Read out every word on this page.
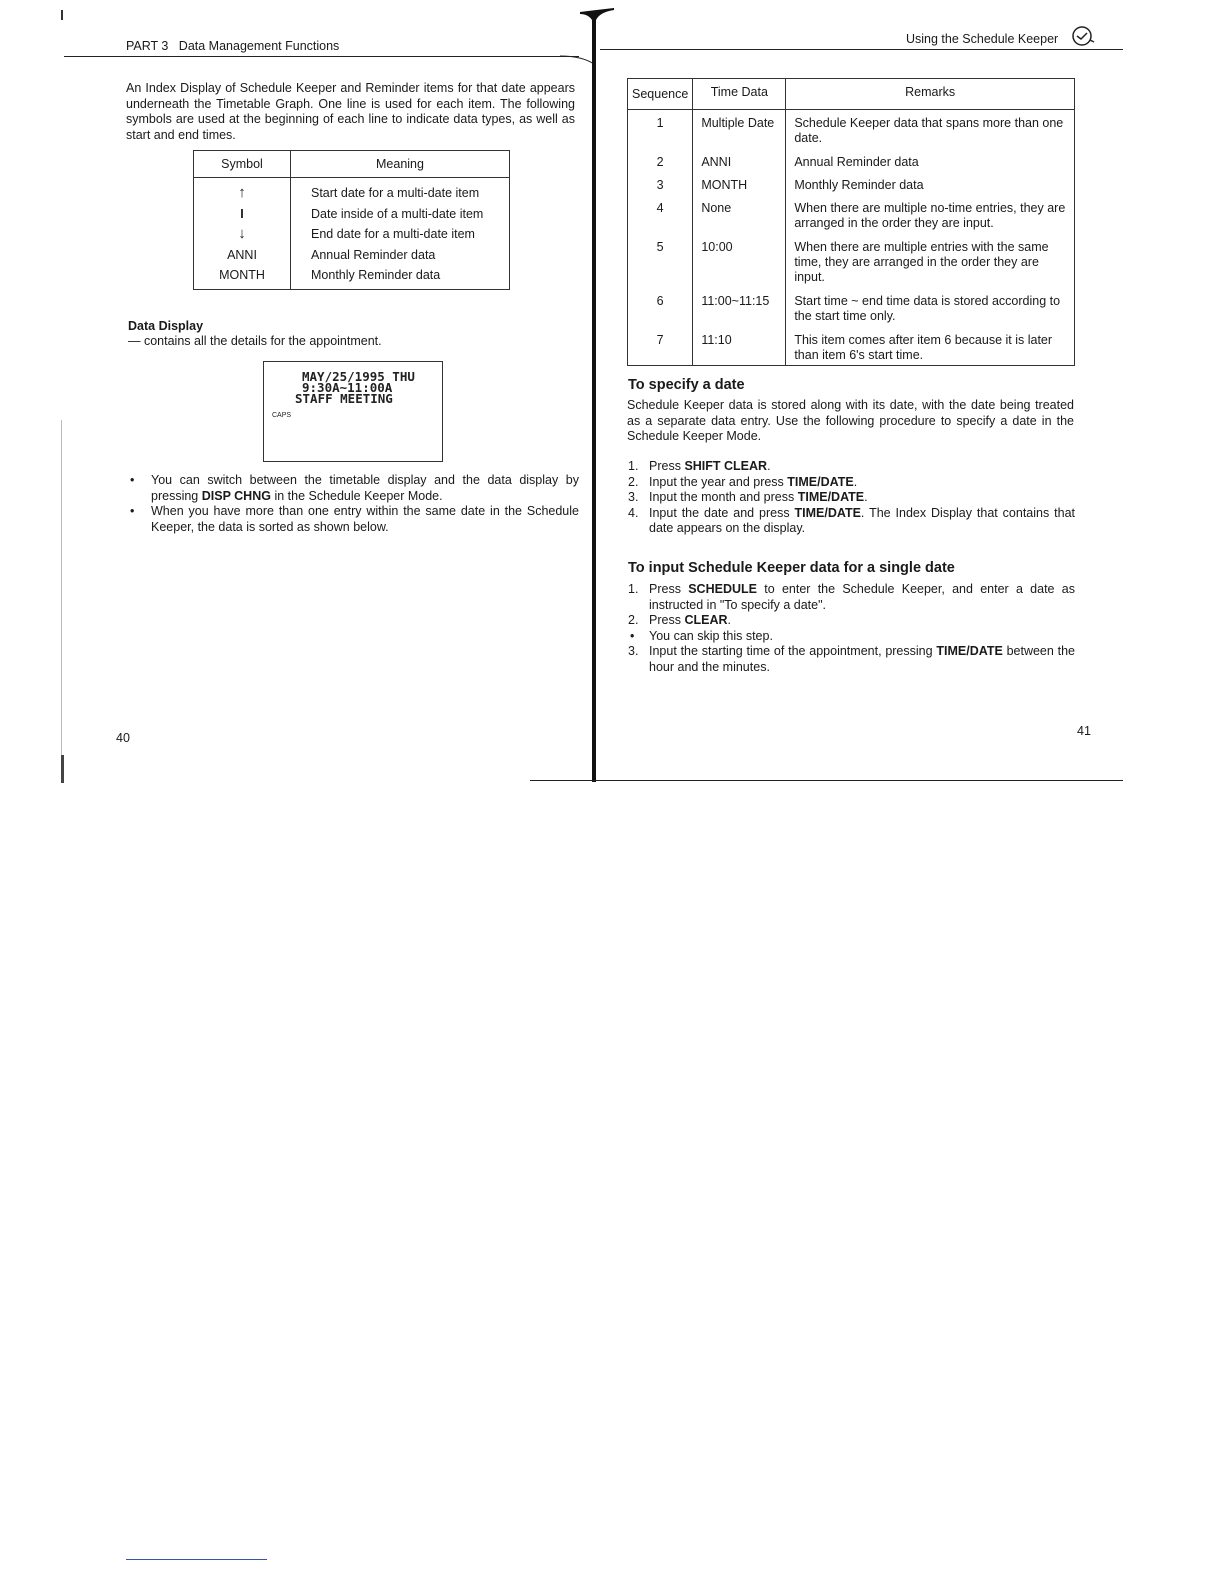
PART 3   Data Management Functions
An Index Display of Schedule Keeper and Reminder items for that date appears underneath the Timetable Graph. One line is used for each item. The following symbols are used at the beginning of each line to indicate data types, as well as start and end times.
Symbol	Meaning
↑	Start date for a multi-date item
I	Date inside of a multi-date item
↓	End date for a multi-date item
ANNI	Annual Reminder data
MONTH	Monthly Reminder data
Data Display
— contains all the details for the appointment.
MAY/25/1995 THU
9:30A~11:00A
STAFF MEETING
CAPS
• You can switch between the timetable display and the data display by pressing DISP CHNG in the Schedule Keeper Mode.
• When you have more than one entry within the same date in the Schedule Keeper, the data is sorted as shown below.
40
Using the Schedule Keeper
Sequence	Time Data	Remarks
1	Multiple Date	Schedule Keeper data that spans more than one date.
2	ANNI	Annual Reminder data
3	MONTH	Monthly Reminder data
4	None	When there are multiple no-time entries, they are arranged in the order they are input.
5	10:00	When there are multiple entries with the same time, they are arranged in the order they are input.
6	11:00~11:15	Start time ~ end time data is stored according to the start time only.
7	11:10	This item comes after item 6 because it is later than item 6's start time.
To specify a date
Schedule Keeper data is stored along with its date, with the date being treated as a separate data entry. Use the following procedure to specify a date in the Schedule Keeper Mode.
1. Press SHIFT CLEAR.
2. Input the year and press TIME/DATE.
3. Input the month and press TIME/DATE.
4. Input the date and press TIME/DATE. The Index Display that contains that date appears on the display.
To input Schedule Keeper data for a single date
1. Press SCHEDULE to enter the Schedule Keeper, and enter a date as instructed in "To specify a date".
2. Press CLEAR.
• You can skip this step.
3. Input the starting time of the appointment, pressing TIME/DATE between the hour and the minutes.
41
